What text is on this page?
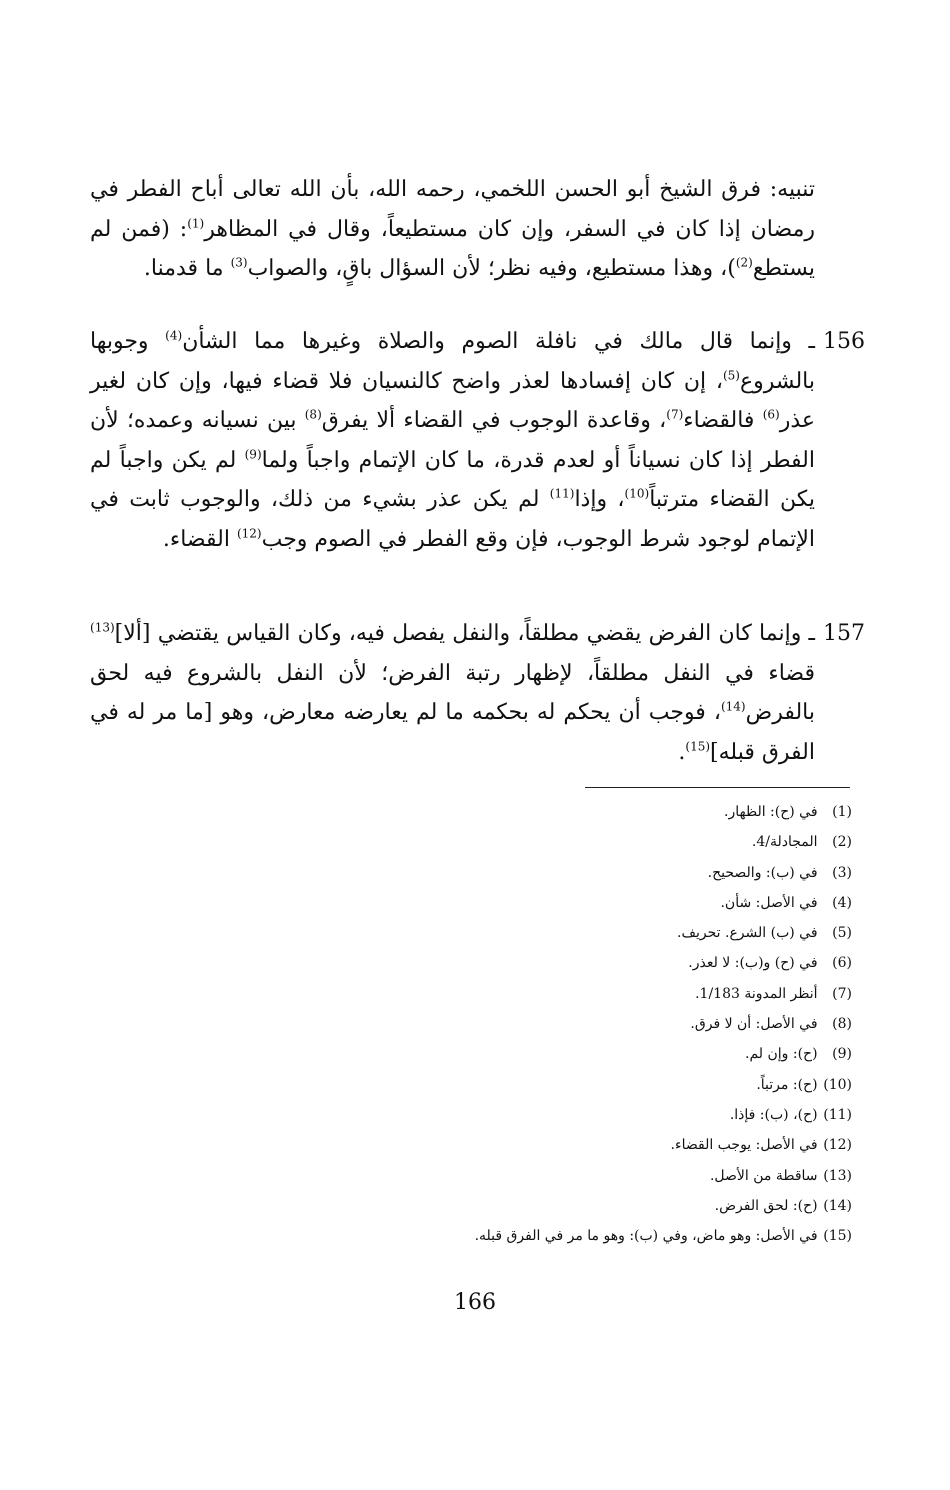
تنبيه: فرق الشيخ أبو الحسن اللخمي، رحمه الله، بأن الله تعالى أباح الفطر في رمضان إذا كان في السفر، وإن كان مستطيعاً، وقال في المظاهر$^{(1)}$: (فمن لم يستطع$^{(2)}$)، وهذا مستطيع، وفيه نظر؛ لأن السؤال باقٍ، والصواب$^{(3)}$ ما قدمنا.
156
ـ وإنما قال مالك في نافلة الصوم والصلاة وغيرها مما الشأن$^{(4)}$ وجوبها بالشروع$^{(5)}$، إن كان إفسادها لعذر واضح كالنسيان فلا قضاء فيها، وإن كان لغير عذر$^{(6)}$ فالقضاء$^{(7)}$، وقاعدة الوجوب في القضاء ألا يفرق$^{(8)}$ بين نسيانه وعمده؛ لأن الفطر إذا كان نسياناً أو لعدم قدرة، ما كان الإتمام واجباً ولما$^{(9)}$ لم يكن واجباً لم يكن القضاء مترتباً$^{(10)}$، وإذا$^{(11)}$ لم يكن عذر بشيء من ذلك، والوجوب ثابت في الإتمام لوجود شرط الوجوب، فإن وقع الفطر في الصوم وجب$^{(12)}$ القضاء.
157
ـ وإنما كان الفرض يقضي مطلقاً، والنفل يفصل فيه، وكان القياس يقتضي [ألا]$^{(13)}$ قضاء في النفل مطلقاً، لإظهار رتبة الفرض؛ لأن النفل بالشروع فيه لحق بالفرض$^{(14)}$، فوجب أن يحكم له بحكمه ما لم يعارضه معارض، وهو [ما مر له في الفرق قبله]$^{(15)}$.
(1) في (ح): الظهار.
(2) المجادلة/4.
(3) في (ب): والصحيح.
(4) في الأصل: شأن.
(5) في (ب) الشرع. تحريف.
(6) في (ح) و(ب): لا لعذر.
(7) أنظر المدونة 1/183.
(8) في الأصل: أن لا فرق.
(9) (ح): وإن لم.
(10) (ح): مرتباً.
(11) (ح)، (ب): فإذا.
(12) في الأصل: يوجب القضاء.
(13) ساقطة من الأصل.
(14) (ح): لحق الفرض.
(15) في الأصل: وهو ماض، وفي (ب): وهو ما مر في الفرق قبله.
166
